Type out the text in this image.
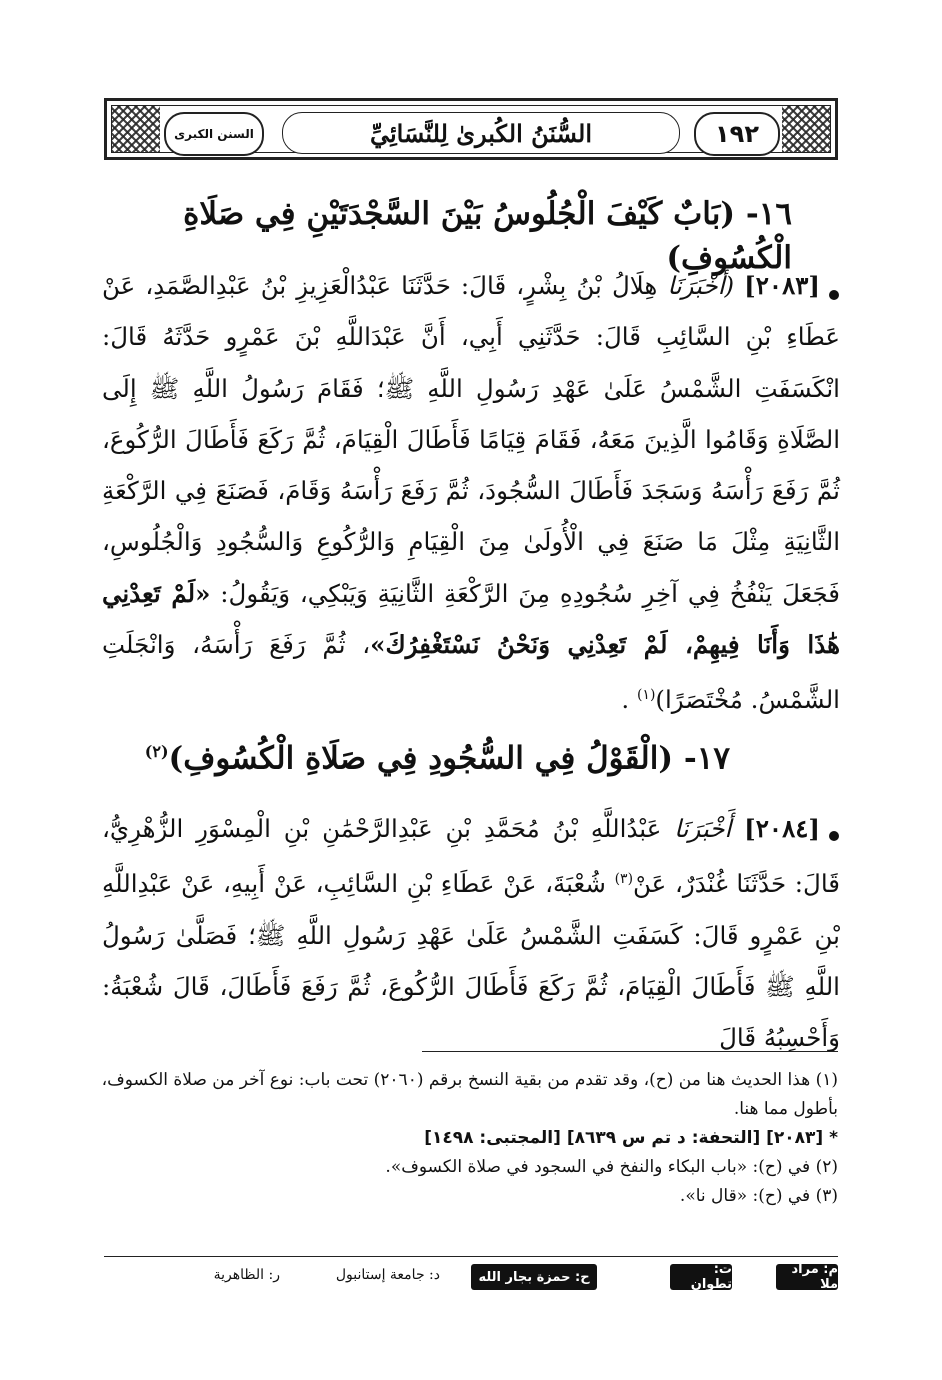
١٩٢
السُّنَنُ الكُبرىٰ لِلنَّسَائِيِّ
السنن الكبرى
١٦- (بَابٌ كَيْفَ الْجُلُوسُ بَيْنَ السَّجْدَتَيْنِ فِي صَلَاةِ الْكُسُوفِ)
[٢٠٨٣] (أَخْبَرَنَا هِلَالُ بْنُ بِشْرٍ، قَالَ: حَدَّثَنَا عَبْدُالْعَزِيزِ بْنُ عَبْدِالصَّمَدِ، عَنْ عَطَاءِ بْنِ السَّائِبِ قَالَ: حَدَّثَنِي أَبِي، أَنَّ عَبْدَاللَّهِ بْنَ عَمْرٍو حَدَّثَهُ قَالَ: انْكَسَفَتِ الشَّمْسُ عَلَىٰ عَهْدِ رَسُولِ اللَّهِ ﷺ؛ فَقَامَ رَسُولُ اللَّهِ ﷺ إِلَى الصَّلَاةِ وَقَامُوا الَّذِينَ مَعَهُ، فَقَامَ قِيَامًا فَأَطَالَ الْقِيَامَ، ثُمَّ رَكَعَ فَأَطَالَ الرُّكُوعَ، ثُمَّ رَفَعَ رَأْسَهُ وَسَجَدَ فَأَطَالَ السُّجُودَ، ثُمَّ رَفَعَ رَأْسَهُ وَقَامَ، فَصَنَعَ فِي الرَّكْعَةِ الثَّانِيَةِ مِثْلَ مَا صَنَعَ فِي الْأُولَىٰ مِنَ الْقِيَامِ وَالرُّكُوعِ وَالسُّجُودِ وَالْجُلُوسِ، فَجَعَلَ يَنْفُخُ فِي آخِرِ سُجُودِهِ مِنَ الرَّكْعَةِ الثَّانِيَةِ وَيَبْكِي، وَيَقُولُ: «لَمْ تَعِدْنِي هَٰذَا وَأَنَا فِيهِمْ، لَمْ تَعِدْنِي وَنَحْنُ نَسْتَغْفِرُكَ»، ثُمَّ رَفَعَ رَأْسَهُ، وَانْجَلَتِ الشَّمْسُ. مُخْتَصَرًا)$^{(١)}$ .
١٧- (الْقَوْلُ فِي السُّجُودِ فِي صَلَاةِ الْكُسُوفِ)$^{(٢)}$
[٢٠٨٤] أَخْبَرَنَا عَبْدُاللَّهِ بْنُ مُحَمَّدِ بْنِ عَبْدِالرَّحْمَٰنِ بْنِ الْمِسْوَرِ الزُّهْرِيُّ، قَالَ: حَدَّثَنَا غُنْدَرٌ، عَنْ$^{(٣)}$ شُعْبَةَ، عَنْ عَطَاءِ بْنِ السَّائِبِ، عَنْ أَبِيهِ، عَنْ عَبْدِاللَّهِ بْنِ عَمْرٍو قَالَ: كَسَفَتِ الشَّمْسُ عَلَىٰ عَهْدِ رَسُولِ اللَّهِ ﷺ؛ فَصَلَّىٰ رَسُولُ اللَّهِ ﷺ فَأَطَالَ الْقِيَامَ، ثُمَّ رَكَعَ فَأَطَالَ الرُّكُوعَ، ثُمَّ رَفَعَ فَأَطَالَ، قَالَ شُعْبَةُ: وَأَحْسِبُهُ قَالَ
(١) هذا الحديث هنا من (ح)، وقد تقدم من بقية النسخ برقم (٢٠٦٠) تحت باب: نوع آخر من صلاة الكسوف، بأطول مما هنا.
* [٢٠٨٣] [التحفة: د تم س ٨٦٣٩] [المجتبى: ١٤٩٨]
(٢) في (ح): «باب البكاء والنفخ في السجود في صلاة الكسوف».
(٣) في (ح): «قال نا».
م: مراد ملا
ت: تطوان
ح: حمزة بجار الله
د: جامعة إستانبول
ر: الظاهرية
